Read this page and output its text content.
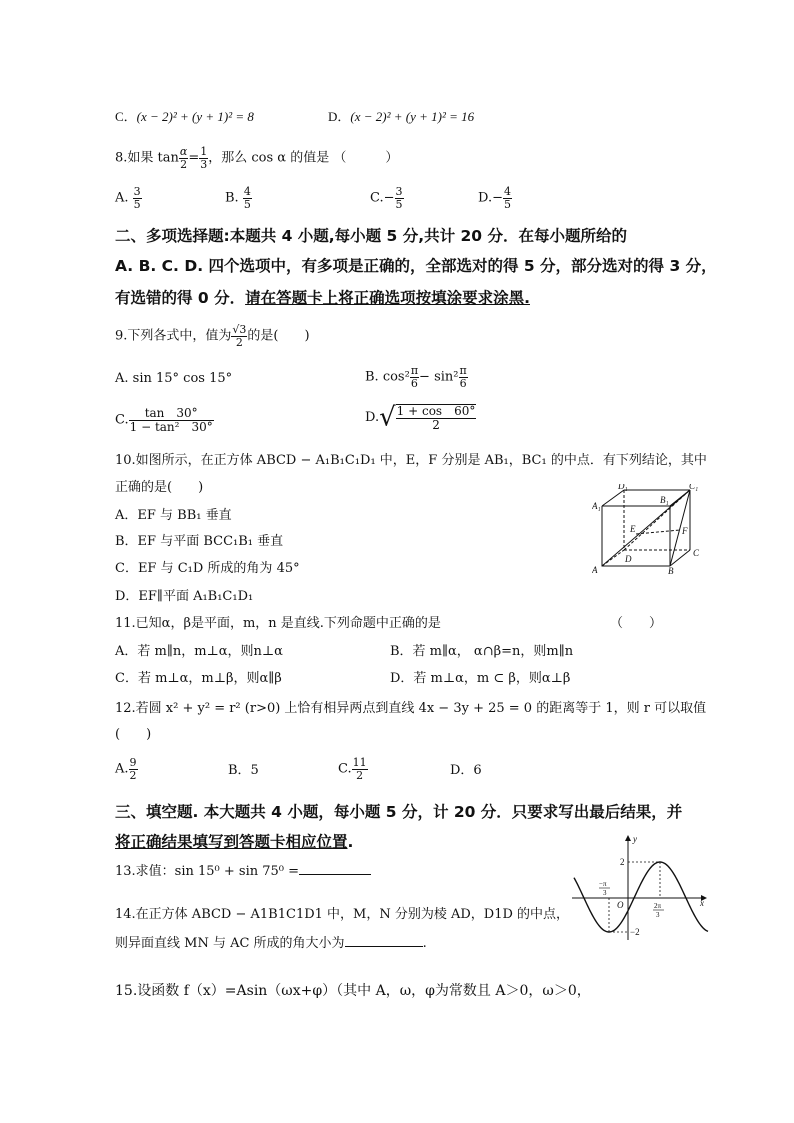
C．(x − 2)² + (y + 1)² = 8	D．(x − 2)² + (y + 1)² = 16
8.如果 $\tan \frac{\alpha}{2} = \frac{1}{3}$ ，那么 cos α 的值是 （　　　）
A. $\frac{3}{5}$	B. $\frac{4}{5}$	$C.- \frac{3}{5}$	$D.- \frac{4}{5}$
二、多项选择题:本题共 4 小题,每小题 5 分,共计 20 分．在每小题所给的
A. B. C. D. 四个选项中，有多项是正确的，全部选对的得 5 分，部分选对的得 3 分，
有选错的得 0 分．请在答题卡上将正确选项按填涂要求涂黑.
9.下列各式中，值为 $\frac{√3}{2}$ 的是(　　)
A. sin 15° cos 15°	B. $\cos^2 \frac{\pi}{6} - \sin^2 \frac{\pi}{6}$
C. $\frac{\tan 30^\circ}{\text{1 − tan²　30°}}$	$D.√ \frac{1 + \cos 60^\circ}{2}$
10.如图所示，在正方体 ABCD − A₁B₁C₁D₁ 中，E，F 分别是 AB₁，BC₁ 的中点．有下列结论，其中
正确的是(　　)
A．EF 与 BB₁ 垂直
B．EF 与平面 BCC₁B₁ 垂直
C．EF 与 C₁D 所成的角为 45°
D．EF∥平面 A₁B₁C₁D₁
A	B
C
D
A₁
B₁
C₁
D₁
E	F
11.已知α，β是平面，m，n 是直线.下列命题中正确的是	（　　）
A．若 m∥n，m⊥α，则n⊥α	B．若 m∥α， α∩β=n，则m∥n
C．若 m⊥α，m⊥β，则α∥β	D．若 m⊥α，m ⊂ β，则α⊥β
12.若圆 x² + y² = r² (r>0) 上恰有相异两点到直线 4x − 3y + 25 = 0 的距离等于 1，则 r 可以取值
(　　)
A. $\frac{9}{2}$	B．5	C. $\frac{11}{2}$	D．6
三、填空题. 本大题共 4 小题，每小题 5 分，计 20 分．只要求写出最后结果，并
将正确结果填写到答题卡相应位置.
13.求值：sin 15⁰ + sin 75⁰ =
14.在正方体 ABCD − A1B1C1D1 中，M，N 分别为棱 AD，D1D 的中点，
则异面直线 MN 与 AC 所成的角大小为	.
y
x
O
2
−2
−π
3
2π
3
15.设函数 f（x）=Asin（ωx+φ）（其中 A，ω，φ为常数且 A＞0，ω＞0，
